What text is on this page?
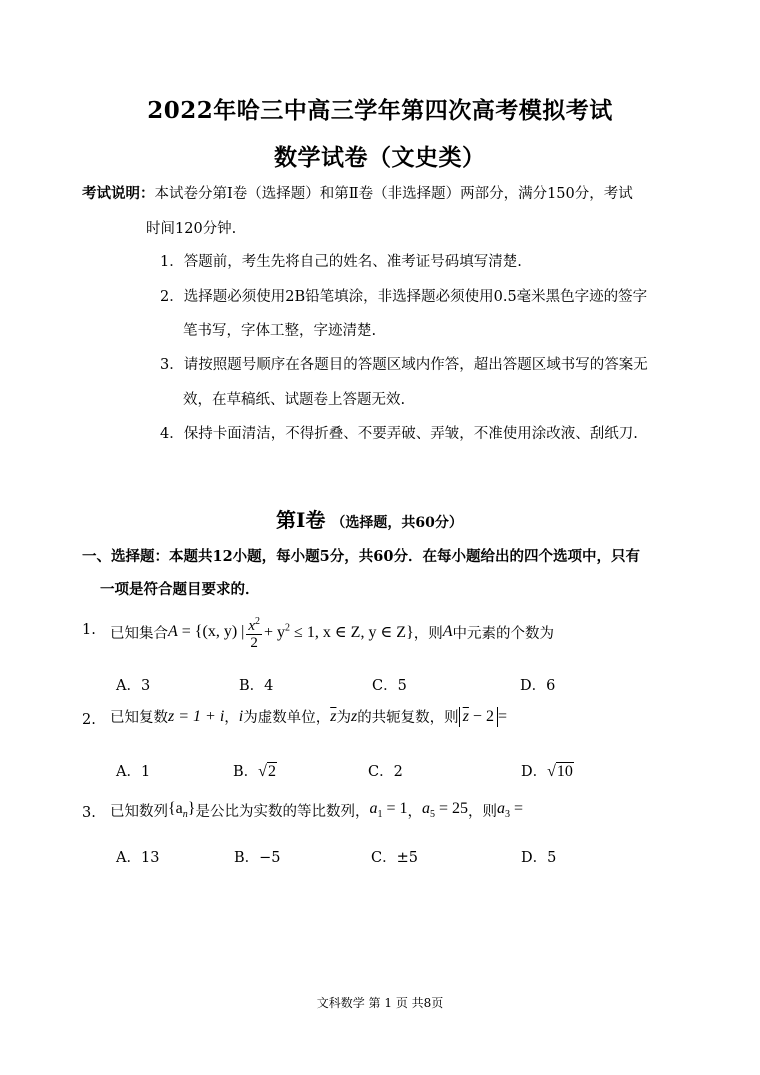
2022年哈三中高三学年第四次高考模拟考试
数学试卷（文史类）
考试说明：本试卷分第Ⅰ卷（选择题）和第Ⅱ卷（非选择题）两部分，满分150分，考试
时间120分钟.
1．答题前，考生先将自己的姓名、准考证号码填写清楚.
2．选择题必须使用2B铅笔填涂，非选择题必须使用0.5毫米黑色字迹的签字
笔书写，字体工整，字迹清楚.
3．请按照题号顺序在各题目的答题区域内作答，超出答题区域书写的答案无
效，在草稿纸、试题卷上答题无效.
4．保持卡面清洁，不得折叠、不要弄破、弄皱，不准使用涂改液、刮纸刀.
第Ⅰ卷 （选择题，共60分）
一、选择题：本题共12小题，每小题5分，共60分．在每小题给出的四个选项中，只有
一项是符合题目要求的．
1. 已知集合 A = {(x, y) | $\frac{x^2}{2} + y^2 \le 1$, x ∈ Z, y ∈ Z} ，则 A 中元素的个数为
A．3	B．4	C．5	D．6
2. 已知复数 z = 1 + i ， i 为虚数单位， $\overline{z}$ 为 z 的共轭复数，则 $\overline{z} - 2$ =
A．1	B．√2	C．2	D．√10
3. 已知数列 $\{a_n\}$ 是公比为实数的等比数列， $a_1 = 1$ ， $a_5 = 25$ ，则 $a_3$ =
A．13	B．−5	C．±5	D．5
文科数学 第 1 页 共8页
